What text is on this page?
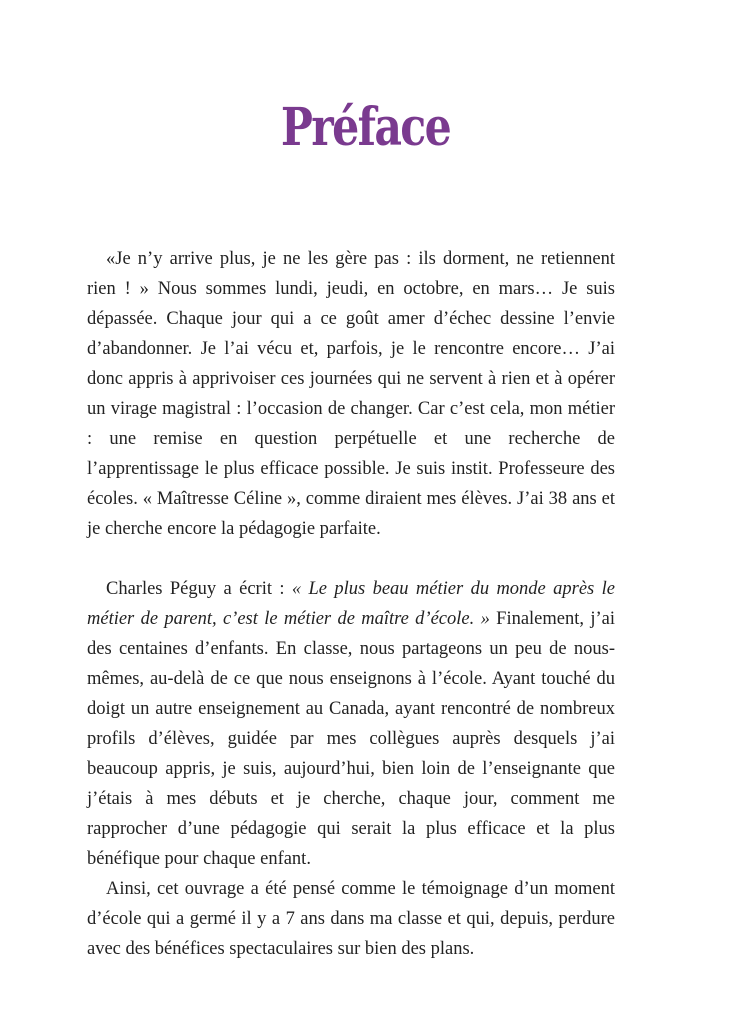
Préface

«Je n’y arrive plus, je ne les gère pas : ils dorment, ne retiennent rien ! » Nous sommes lundi, jeudi, en octobre, en mars… Je suis dépassée. Chaque jour qui a ce goût amer d’échec dessine l’envie d’abandonner. Je l’ai vécu et, parfois, je le rencontre encore… J’ai donc appris à apprivoiser ces journées qui ne servent à rien et à opérer un virage magistral : l’occasion de changer. Car c’est cela, mon métier : une remise en question perpétuelle et une recherche de l’apprentissage le plus efficace possible. Je suis instit. Professeure des écoles. « Maîtresse Céline », comme diraient mes élèves. J’ai 38 ans et je cherche encore la pédagogie parfaite.

Charles Péguy a écrit : « Le plus beau métier du monde après le métier de parent, c’est le métier de maître d’école. » Finalement, j’ai des centaines d’enfants. En classe, nous partageons un peu de nous-mêmes, au-delà de ce que nous enseignons à l’école. Ayant touché du doigt un autre enseignement au Canada, ayant rencontré de nombreux profils d’élèves, guidée par mes collègues auprès desquels j’ai beaucoup appris, je suis, aujourd’hui, bien loin de l’enseignante que j’étais à mes débuts et je cherche, chaque jour, comment me rapprocher d’une pédagogie qui serait la plus efficace et la plus bénéfique pour chaque enfant.

Ainsi, cet ouvrage a été pensé comme le témoignage d’un moment d’école qui a germé il y a 7 ans dans ma classe et qui, depuis, perdure avec des bénéfices spectaculaires sur bien des plans.
